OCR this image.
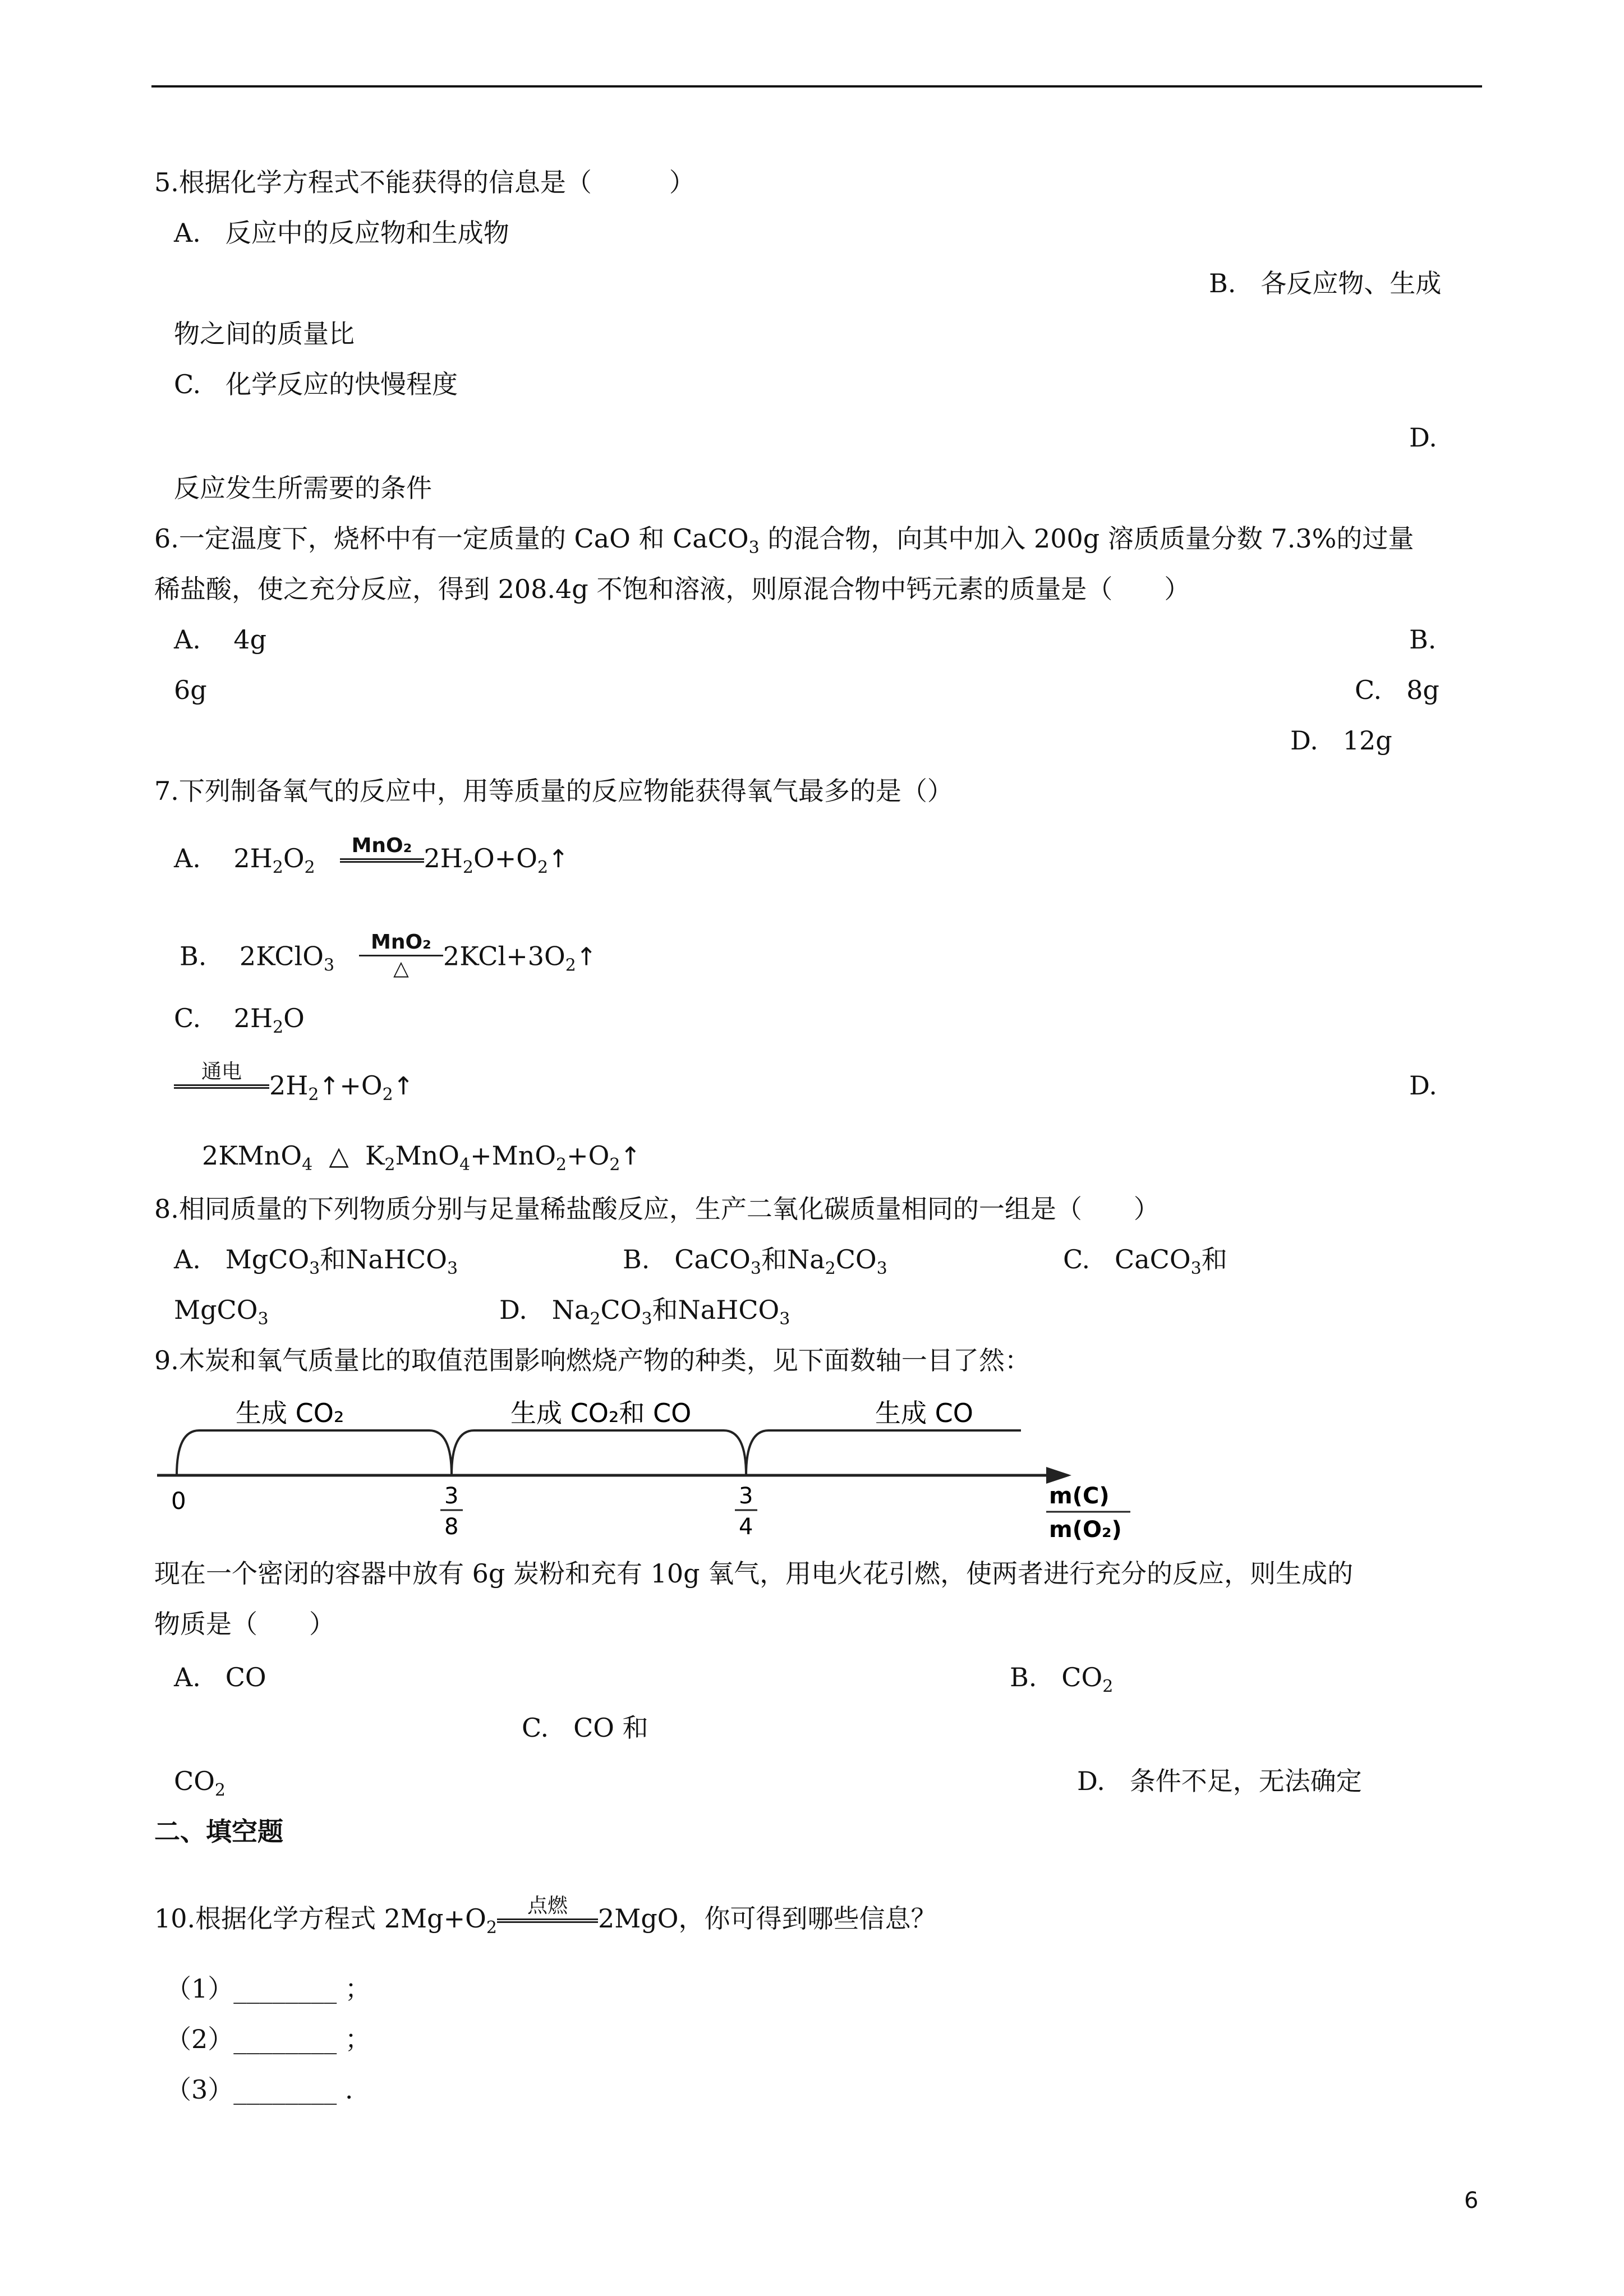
5.根据化学方程式不能获得的信息是（　　　）
A. 反应中的反应物和生成物
B. 各反应物、生成
物之间的质量比
C. 化学反应的快慢程度
D.
反应发生所需要的条件
6.一定温度下，烧杯中有一定质量的 CaO 和 CaCO$_3$ 的混合物，向其中加入 200g 溶质质量分数 7.3%的过量
稀盐酸，使之充分反应，得到 208.4g 不饱和溶液，则原混合物中钙元素的质量是（　　）
A. 4g	B.
6g	C. 8g
D. 12g
7.下列制备氧气的反应中，用等质量的反应物能获得氧气最多的是（）
A.    $2H_2O_2$
MnO₂ $2H_2O+O_2↑$
B.    2KClO$_3$
MnO₂
△	$2KCl+3O_2↑$
C.    $2H_2O$
通电	$2H_2↑+O_2↑$	D.
2KMnO$_4$ △  $K_2MnO_4+MnO_2+O_2↑$
8.相同质量的下列物质分别与足量稀盐酸反应，生产二氧化碳质量相同的一组是（　　）
A.   MgCO$_3$和NaHCO$_3$	B.   CaCO$_3$和$Na_2CO_3$	C.   CaCO$_3$和
MgCO$_3$	D.   $Na_2CO_3$和NaHCO$_3$
9.木炭和氧气质量比的取值范围影响燃烧产物的种类，见下面数轴一目了然：
生成 CO₂	生成 CO₂和 CO	生成 CO
0	3
8
3
4
m(C)
m(O₂)
现在一个密闭的容器中放有 6g 炭粉和充有 10g 氧气，用电火花引燃，使两者进行充分的反应，则生成的
物质是（　　）
A. CO	B.   $CO_2$
C. CO 和
$CO_2$	D. 条件不足，无法确定
二、填空题
10.根据化学方程式 $2Mg+O_2$
点燃	2MgO，你可得到哪些信息？
（1）________ ；
（2）________ ；
（3）________ .
6
